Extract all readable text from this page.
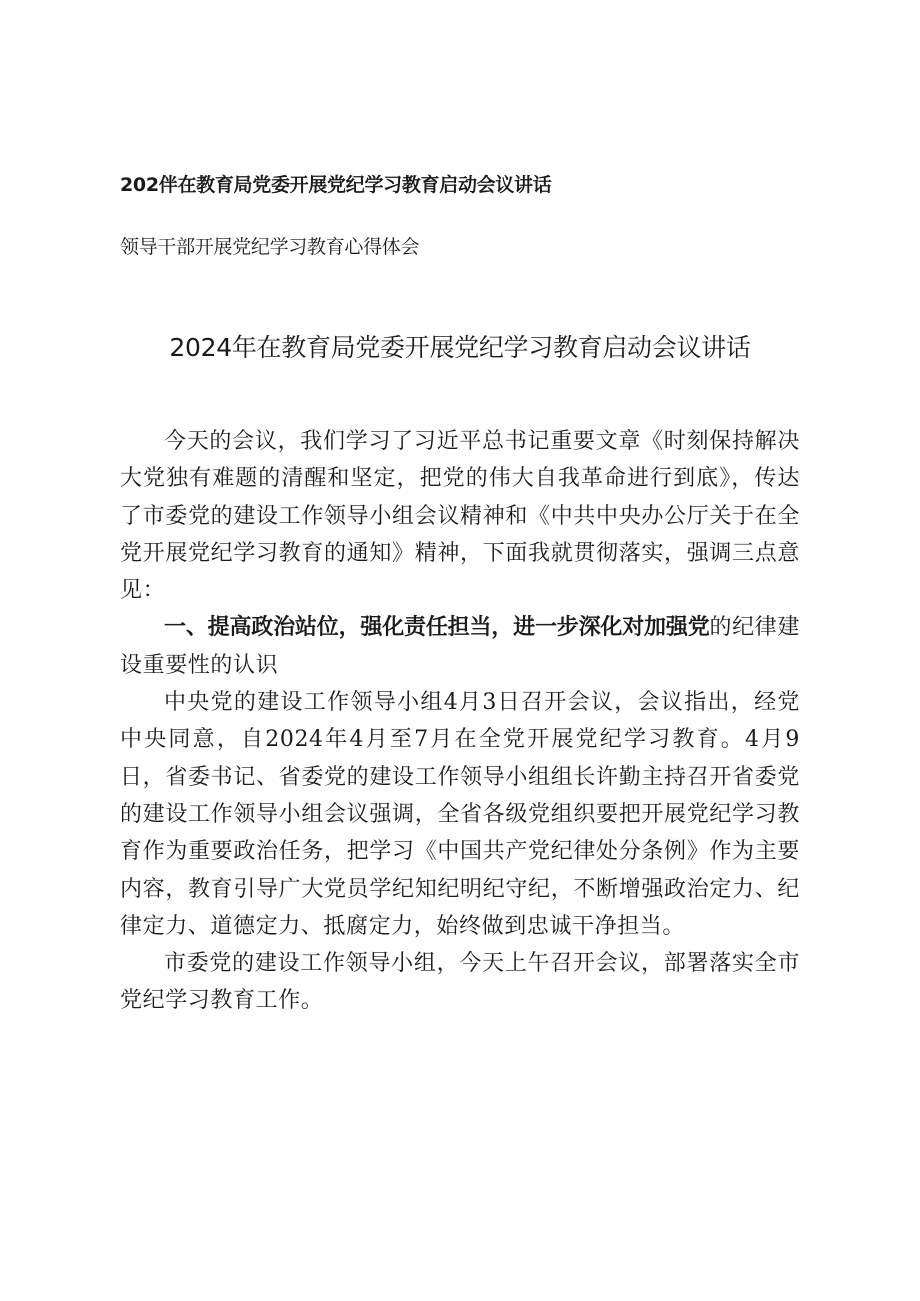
202伴在教育局党委开展党纪学习教育启动会议讲话
领导干部开展党纪学习教育心得体会
2024年在教育局党委开展党纪学习教育启动会议讲话

今天的会议，我们学习了习近平总书记重要文章《时刻保持解决大党独有难题的清醒和坚定，把党的伟大自我革命进行到底》，传达了市委党的建设工作领导小组会议精神和《中共中央办公厅关于在全党开展党纪学习教育的通知》精神，下面我就贯彻落实，强调三点意见：

一、提高政治站位，强化责任担当，进一步深化对加强党的纪律建设重要性的认识

中央党的建设工作领导小组4月3日召开会议，会议指出，经党中央同意，自2024年4月至7月在全党开展党纪学习教育。4月9日，省委书记、省委党的建设工作领导小组组长许勤主持召开省委党的建设工作领导小组会议强调，全省各级党组织要把开展党纪学习教育作为重要政治任务，把学习《中国共产党纪律处分条例》作为主要内容，教育引导广大党员学纪知纪明纪守纪，不断增强政治定力、纪律定力、道德定力、抵腐定力，始终做到忠诚干净担当。

市委党的建设工作领导小组，今天上午召开会议，部署落实全市党纪学习教育工作。
